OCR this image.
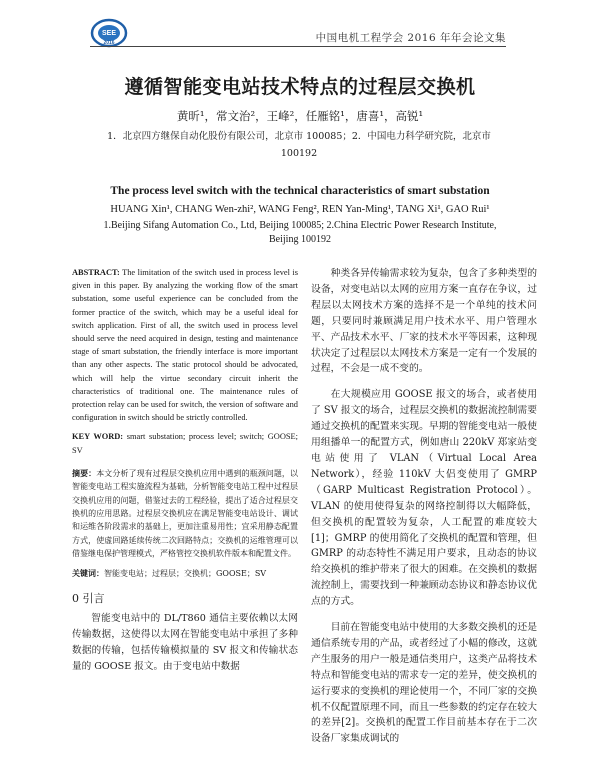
SEE
2016	中国电机工程学会 2016 年年会论文集
遵循智能变电站技术特点的过程层交换机
黄昕¹，常文治²，王峰²，任雁铭¹，唐喜¹，高锐¹
1．北京四方继保自动化股份有限公司，北京市 100085；2．中国电力科学研究院，北京市 100192
The process level switch with the technical characteristics of smart substation
HUANG Xin¹, CHANG Wen-zhi², WANG Feng², REN Yan-Ming¹, TANG Xi¹, GAO Rui¹
1.Beijing Sifang Automation Co., Ltd, Beijing 100085; 2.China Electric Power Research Institute, Beijing 100192

ABSTRACT: The limitation of the switch used in process level is given in this paper. By analyzing the working flow of the smart substation, some useful experience can be concluded from the former practice of the switch, which may be a useful ideal for switch application. First of all, the switch used in process level should serve the need acquired in design, testing and maintenance stage of smart substation, the friendly interface is more important than any other aspects. The static protocol should be advocated, which will help the virtue secondary circuit inherit the characteristics of traditional one. The maintenance rules of protection relay can be used for switch, the version of software and configuration in switch should be strictly controlled.

KEY WORD: smart substation; process level; switch; GOOSE; SV

摘要：本文分析了现有过程层交换机应用中遇到的瓶颈问题，以智能变电站工程实施流程为基础，分析智能变电站工程中过程层交换机应用的问题，借鉴过去的工程经验，提出了适合过程层交换机的应用思路。过程层交换机应在满足智能变电站设计、调试和运维各阶段需求的基础上，更加注重易用性；宜采用静态配置方式，使虚回路延续传统二次回路特点；交换机的运维管理可以借鉴继电保护管理模式，严格管控交换机软件版本和配置文件。
关键词：智能变电站；过程层；交换机；GOOSE；SV
0 引言
智能变电站中的 DL/T860 通信主要依赖以太网传输数据，这使得以太网在智能变电站中承担了多种数据的传输，包括传输模拟量的 SV 报文和传输状态量的 GOOSE 报文。由于变电站中数据

种类各异传输需求较为复杂，包含了多种类型的设备，对变电站以太网的应用方案一直存在争议，过程层以太网技术方案的选择不是一个单纯的技术问题，只要同时兼顾满足用户技术水平、用户管理水平、产品技术水平、厂家的技术水平等因素，这种现状决定了过程层以太网技术方案是一定有一个发展的过程，不会是一成不变的。

在大规模应用 GOOSE 报文的场合，或者使用了 SV 报文的场合，过程层交换机的数据流控制需要通过交换机的配置来实现。早期的智能变电站一般使用组播单一的配置方式，例如唐山 220kV 郑家站变电站使用了 VLAN（Virtual Local Area Network），经验 110kV 大侣变使用了 GMRP（GARP Multicast Registration Protocol）。VLAN 的使用使得复杂的网络控制得以大幅降低，但交换机的配置较为复杂，人工配置的难度较大[1]；GMRP 的使用简化了交换机的配置和管理，但 GMRP 的动态特性不满足用户要求，且动态的协议给交换机的维护带来了很大的困难。在交换机的数据流控制上，需要找到一种兼顾动态协议和静态协议优点的方式。

目前在智能变电站中使用的大多数交换机的还是通信系统专用的产品，或者经过了小幅的修改，这就产生服务的用户一般是通信类用户，这类产品将技术特点和智能变电站的需求专一定的差异，使交换机的运行要求的变换机的理论使用一个，不同厂家的交换机不仅配置原理不同，而且一些参数的约定存在较大的差异[2]。交换机的配置工作目前基本存在于二次设备厂家集成调试的
